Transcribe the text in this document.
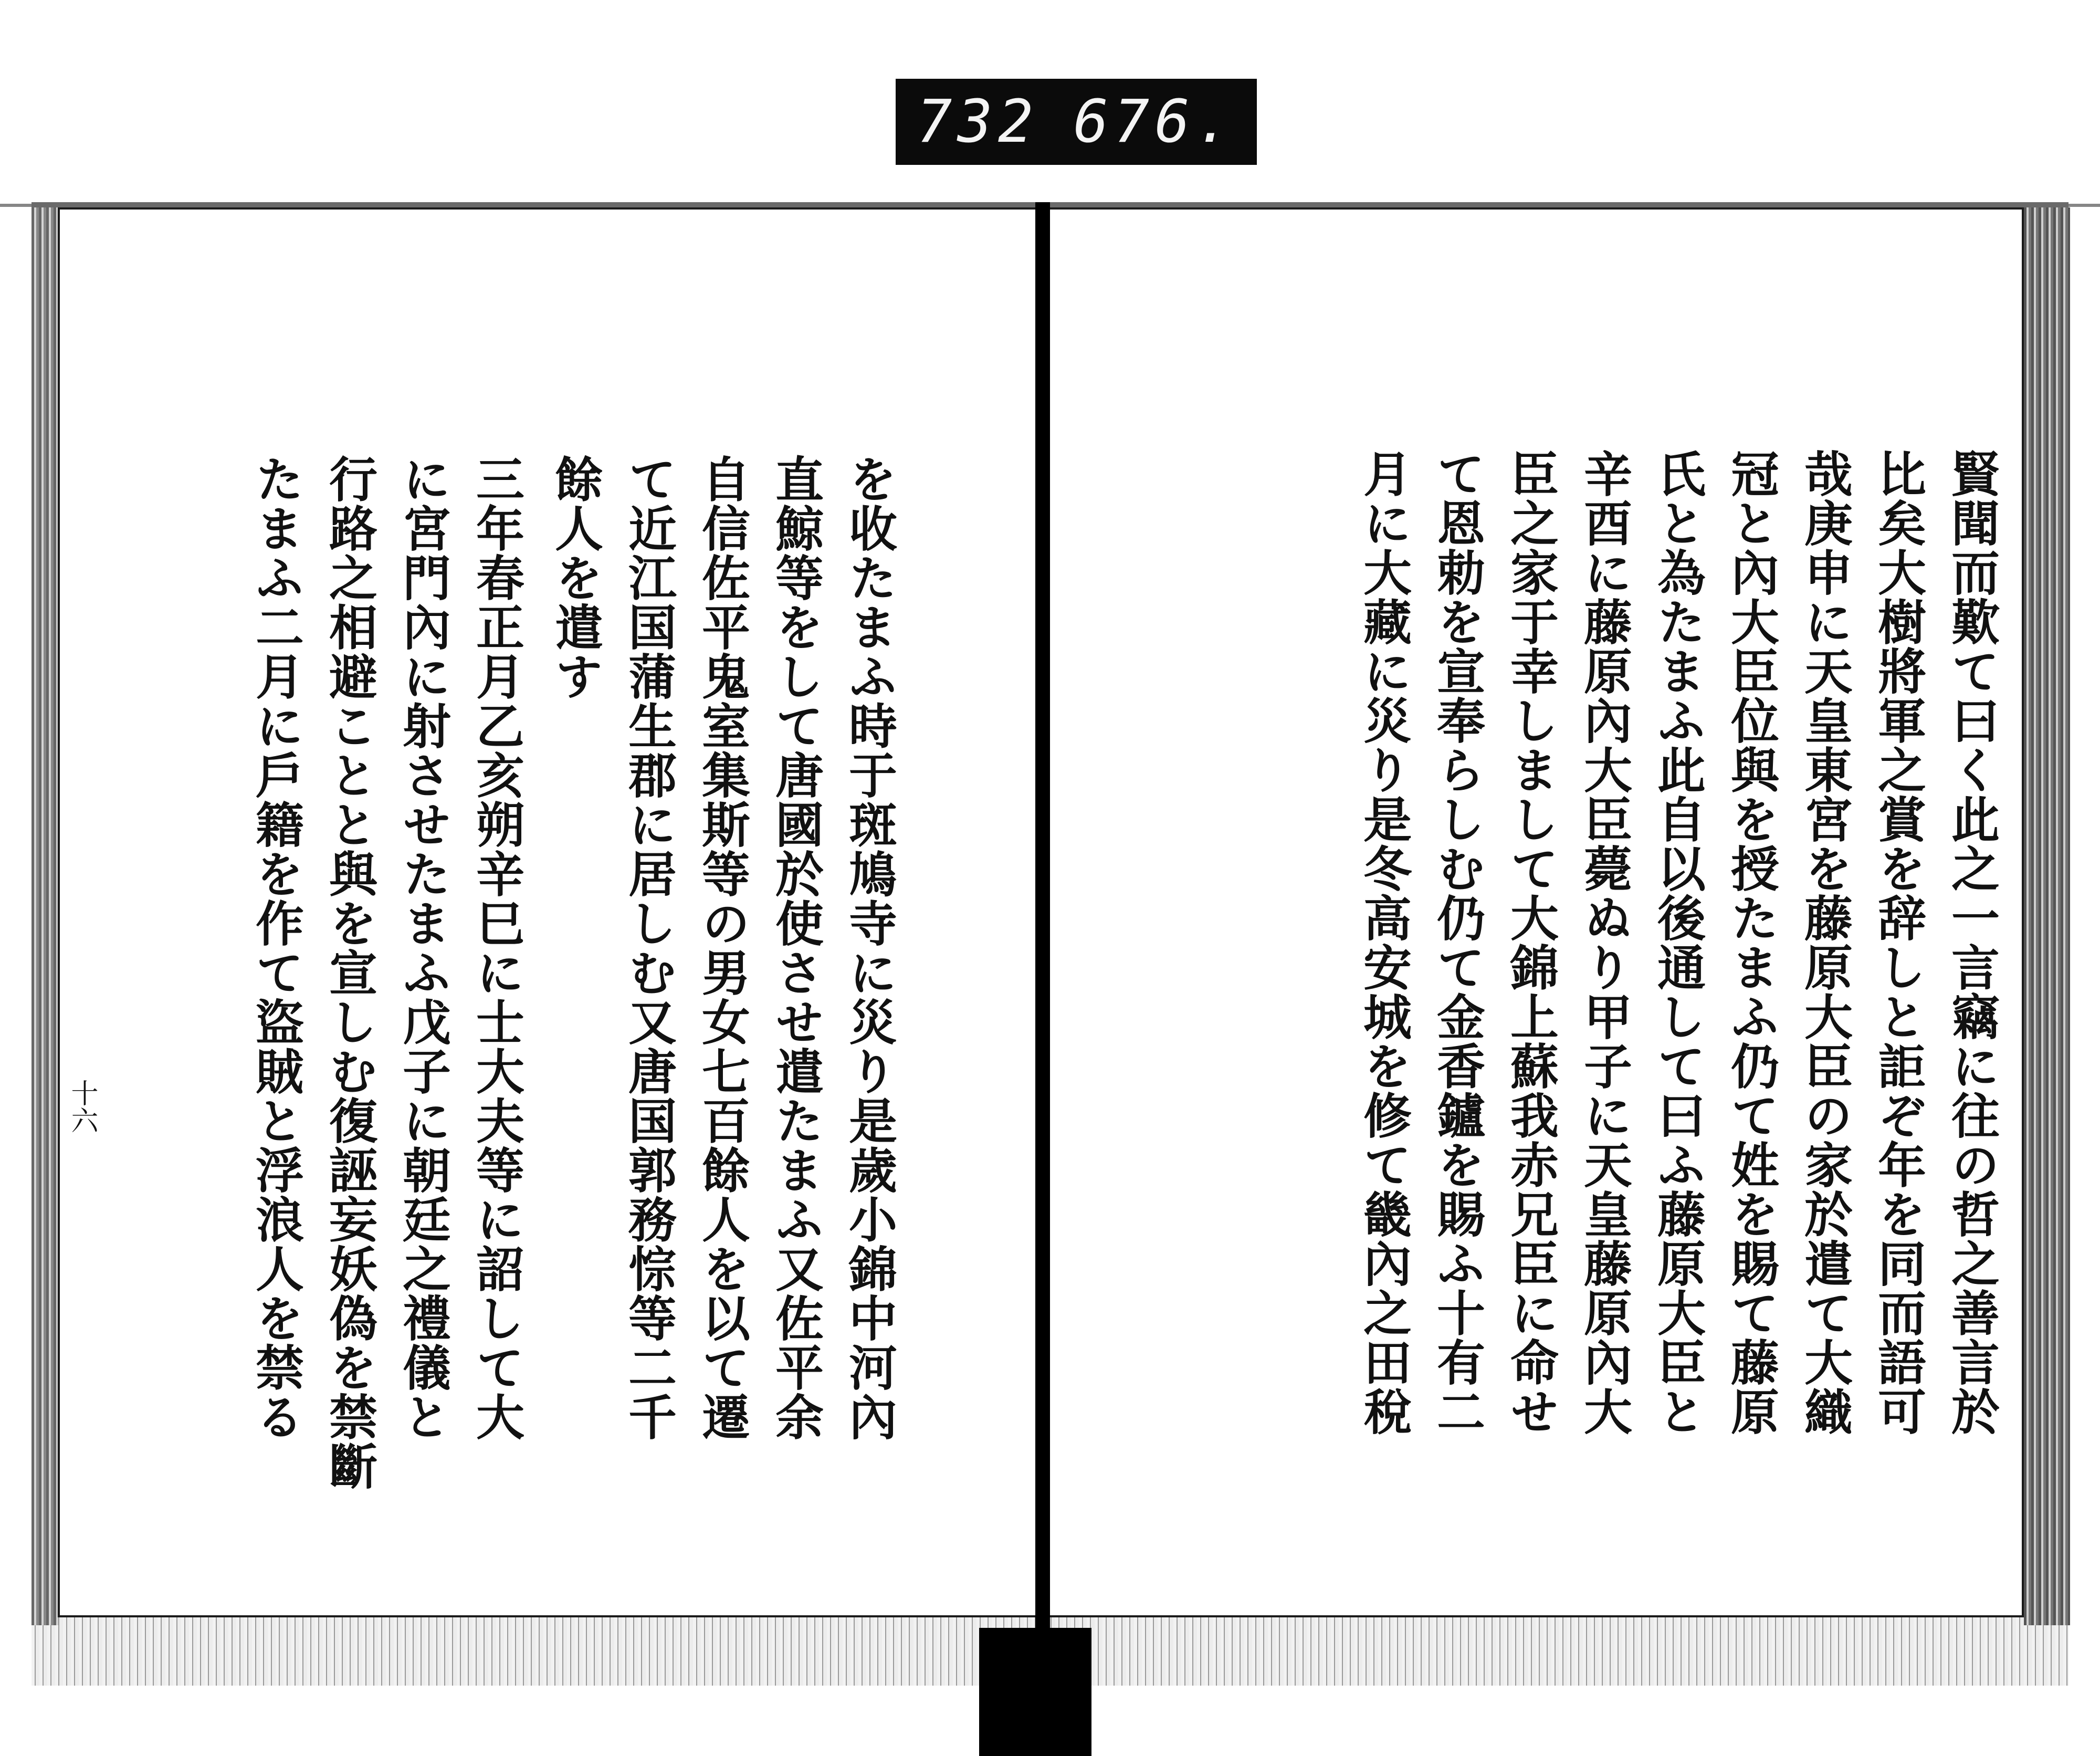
732 676.
を收たまふ時于斑鳩寺に災り是歲小錦中河內
直鯨等をして唐國於使させ遣たまふ又佐平余
自信佐平鬼室集斯等の男女七百餘人を以て遷
て近江国蒲生郡に居しむ又唐国郭務悰等二千
餘人を遣す
三年春正月乙亥朔辛巳に士大夫等に詔して大
に宮門內に射させたまふ戊子に朝廷之禮儀と
行路之相避ことと與を宣しむ復誣妄妖偽を禁斷
たまふ二月に戶籍を作て盜賊と浮浪人を禁る
十六	賢聞而歎て曰く此之一言竊に往の哲之善言於
比矣大樹將軍之賞を辞しと詎ぞ年を同而語可
哉庚申に天皇東宮を藤原大臣の家於遣て大織
冠と內大臣位與を授たまふ仍て姓を賜て藤原
氏と為たまふ此自以後通して曰ふ藤原大臣と
辛酉に藤原內大臣薨ぬり甲子に天皇藤原內大
臣之家于幸しまして大錦上蘇我赤兄臣に命せ
て恩勅を宣奉らしむ仍て金香鑪を賜ふ十有二
月に大藏に災り是冬高安城を修て畿內之田稅
